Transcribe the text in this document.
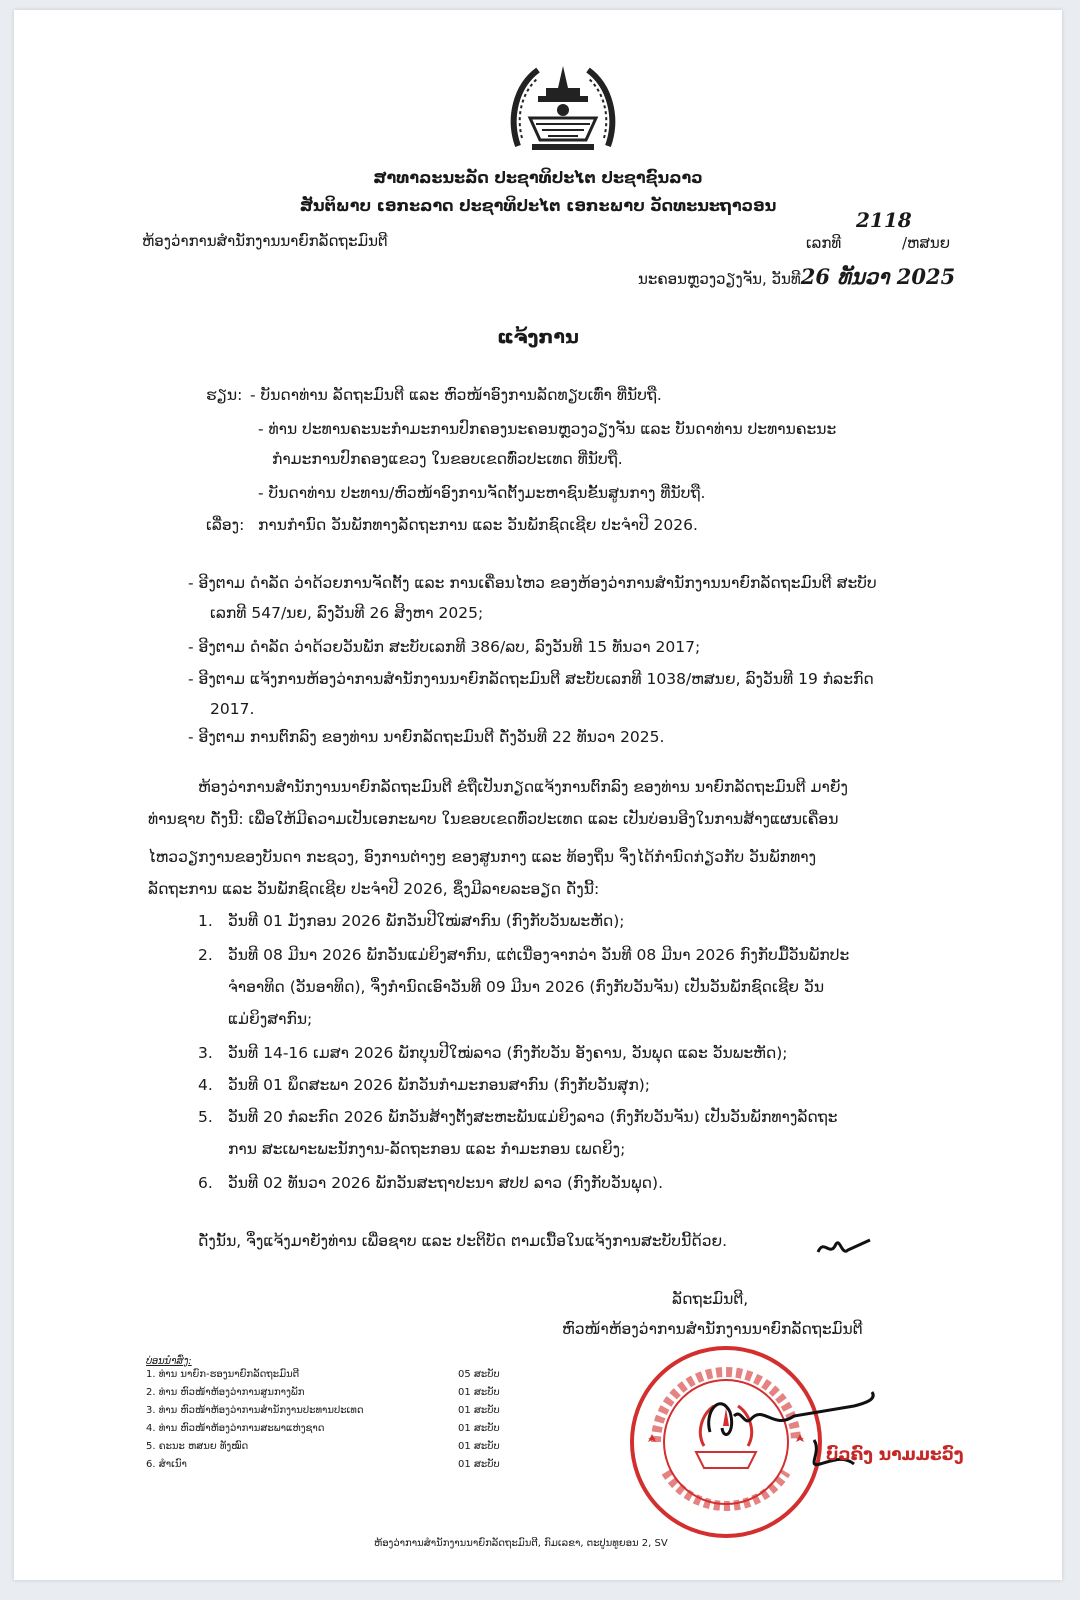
ສາທາລະນະລັດ ປະຊາທິປະໄຕ ປະຊາຊົນລາວ
ສັນຕິພາບ ເອກະລາດ ປະຊາທິປະໄຕ ເອກະພາບ ວັດທະນະຖາວອນ
ຫ້ອງວ່າການສຳນັກງານນາຍົກລັດຖະມົນຕີ	ເລກທີ
2118
/ຫສນຍ
ນະຄອນຫຼວງວຽງຈັນ, ວັນທີ26 ທັນວາ 2025
ແຈ້ງການ
ຮຽນ: - ບັນດາທ່ານ ລັດຖະມົນຕີ ແລະ ຫົວໜ້າອົງການລັດທຽບເທົ່າ ທີ່ນັບຖື.
- ທ່ານ ປະທານຄະນະກຳມະການປົກຄອງນະຄອນຫຼວງວຽງຈັນ ແລະ ບັນດາທ່ານ ປະທານຄະນະ
ກຳມະການປົກຄອງແຂວງ ໃນຂອບເຂດທົ່ວປະເທດ ທີ່ນັບຖື.
- ບັນດາທ່ານ ປະທານ/ຫົວໜ້າອົງການຈັດຕັ້ງມະຫາຊົນຂັ້ນສູນກາງ ທີ່ນັບຖື.
ເລື່ອງ: ການກຳນົດ ວັນພັກທາງລັດຖະການ ແລະ ວັນພັກຊົດເຊີຍ ປະຈຳປີ 2026.
- ອີງຕາມ ດຳລັດ ວ່າດ້ວຍການຈັດຕັ້ງ ແລະ ການເຄື່ອນໄຫວ ຂອງຫ້ອງວ່າການສຳນັກງານນາຍົກລັດຖະມົນຕີ ສະບັບ
ເລກທີ 547/ນຍ, ລົງວັນທີ 26 ສິງຫາ 2025;
- ອີງຕາມ ດຳລັດ ວ່າດ້ວຍວັນພັກ ສະບັບເລກທີ 386/ລບ, ລົງວັນທີ 15 ທັນວາ 2017;
- ອີງຕາມ ແຈ້ງການຫ້ອງວ່າການສຳນັກງານນາຍົກລັດຖະມົນຕີ ສະບັບເລກທີ 1038/ຫສນຍ, ລົງວັນທີ 19 ກໍລະກົດ
2017.
- ອີງຕາມ ການຕົກລົງ ຂອງທ່ານ ນາຍົກລັດຖະມົນຕີ ດັ່ງວັນທີ 22 ທັນວາ 2025.
ຫ້ອງວ່າການສຳນັກງານນາຍົກລັດຖະມົນຕີ ຂໍຖືເປັນກຽດແຈ້ງການຕົກລົງ ຂອງທ່ານ ນາຍົກລັດຖະມົນຕີ ມາຍັງ
ທ່ານຊາບ ດັ່ງນີ້: ເພື່ອໃຫ້ມີຄວາມເປັນເອກະພາບ ໃນຂອບເຂດທົ່ວປະເທດ ແລະ ເປັນບ່ອນອີງໃນການສ້າງແຜນເຄື່ອນ
ໄຫວວຽກງານຂອງບັນດາ ກະຊວງ, ອົງການຕ່າງໆ ຂອງສູນກາງ ແລະ ທ້ອງຖິ່ນ ຈຶ່ງໄດ້ກຳນົດກ່ຽວກັບ ວັນພັກທາງ
ລັດຖະການ ແລະ ວັນພັກຊົດເຊີຍ ປະຈຳປີ 2026, ຊຶ່ງມີລາຍລະອຽດ ດັ່ງນີ້:
1. ວັນທີ 01 ມັງກອນ 2026 ພັກວັນປີໃໝ່ສາກົນ (ກົງກັບວັນພະຫັດ);
2. ວັນທີ 08 ມີນາ 2026 ພັກວັນແມ່ຍິງສາກົນ, ແຕ່ເນື່ອງຈາກວ່າ ວັນທີ 08 ມີນາ 2026 ກົງກັບມື້ວັນພັກປະ
ຈຳອາທິດ (ວັນອາທິດ), ຈຶ່ງກຳນົດເອົາວັນທີ 09 ມີນາ 2026 (ກົງກັບວັນຈັນ) ເປັນວັນພັກຊົດເຊີຍ ວັນ
ແມ່ຍິງສາກົນ;
3. ວັນທີ 14-16 ເມສາ 2026 ພັກບຸນປີໃໝ່ລາວ (ກົງກັບວັນ ອັງຄານ, ວັນພຸດ ແລະ ວັນພະຫັດ);
4. ວັນທີ 01 ພຶດສະພາ 2026 ພັກວັນກຳມະກອນສາກົນ (ກົງກັບວັນສຸກ);
5. ວັນທີ 20 ກໍລະກົດ 2026 ພັກວັນສ້າງຕັ້ງສະຫະພັນແມ່ຍິງລາວ (ກົງກັບວັນຈັນ) ເປັນວັນພັກທາງລັດຖະ
ການ ສະເພາະພະນັກງານ-ລັດຖະກອນ ແລະ ກຳມະກອນ ເພດຍິງ;
6. ວັນທີ 02 ທັນວາ 2026 ພັກວັນສະຖາປະນາ ສປປ ລາວ (ກົງກັບວັນພຸດ).
ດັ່ງນັ້ນ, ຈຶ່ງແຈ້ງມາຍັງທ່ານ ເພື່ອຊາບ ແລະ ປະຕິບັດ ຕາມເນື້ອໃນແຈ້ງການສະບັບນີ້ດ້ວຍ.
ລັດຖະມົນຕີ,
ຫົວໜ້າຫ້ອງວ່າການສຳນັກງານນາຍົກລັດຖະມົນຕີ
ບົວຄົງ ນາມມະວົງ
ບ່ອນນຳສົ່ງ:
1. ທ່ານ ນາຍົກ-ຮອງນາຍົກລັດຖະມົນຕີ	05 ສະບັບ
2. ທ່ານ ຫົວໜ້າຫ້ອງວ່າການສູນກາງພັກ	01 ສະບັບ
3. ທ່ານ ຫົວໜ້າຫ້ອງວ່າການສຳນັກງານປະທານປະເທດ	01 ສະບັບ
4. ທ່ານ ຫົວໜ້າຫ້ອງວ່າການສະພາແຫ່ງຊາດ	01 ສະບັບ
5. ຄະນະ ຫສນຍ ທັງໝົດ	01 ສະບັບ
6. ສຳເນົາ	01 ສະບັບ
ຫ້ອງວ່າການສຳນັກງານນາຍົກລັດຖະມົນຕີ, ກົມເລຂາ, ຕະປູນທູຍອນ 2, SV
